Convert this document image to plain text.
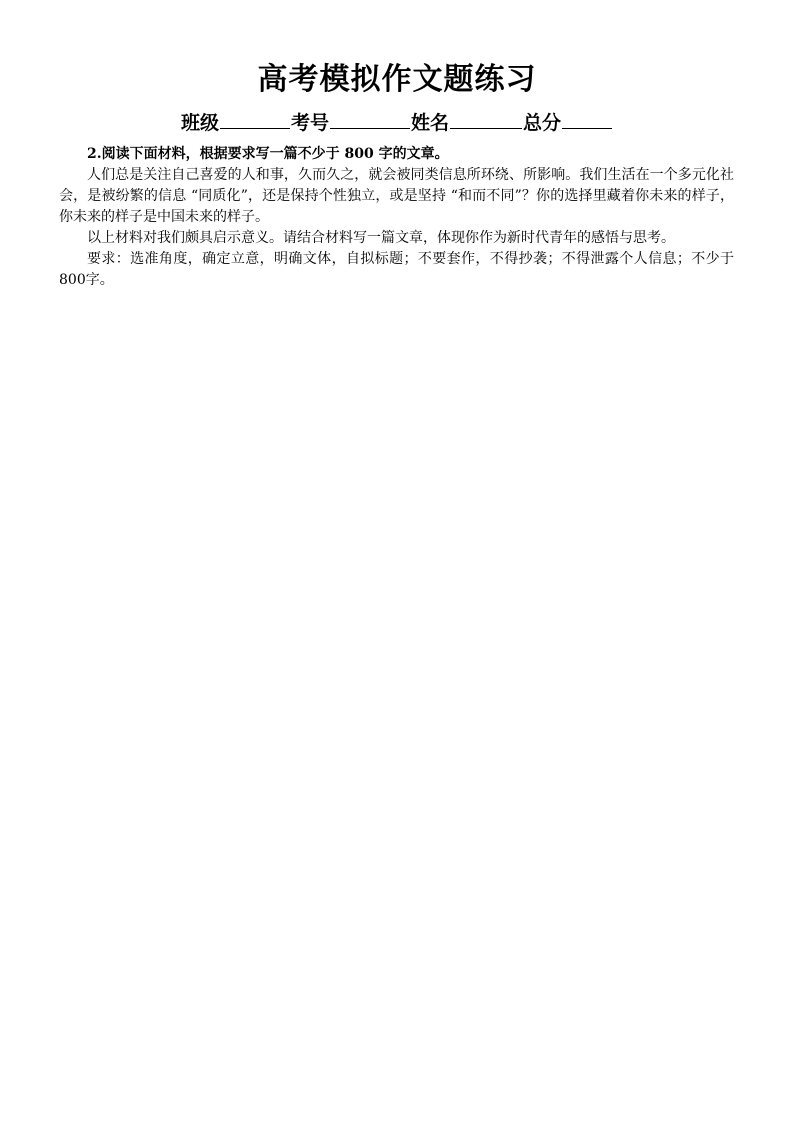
高考模拟作文题练习
班级	考号	姓名	总分

2.阅读下面材料，根据要求写一篇不少于 800 字的文章。

人们总是关注自己喜爱的人和事，久而久之，就会被同类信息所环绕、所影响。我们生活在一个多元化社会，是被纷繁的信息 “同质化”，还是保持个性独立，或是坚持 “和而不同”？你的选择里藏着你未来的样子，你未来的样子是中国未来的样子。

以上材料对我们颇具启示意义。请结合材料写一篇文章，体现你作为新时代青年的感悟与思考。

要求：选准角度，确定立意，明确文体，自拟标题；不要套作，不得抄袭；不得泄露个人信息；不少于 800字。
